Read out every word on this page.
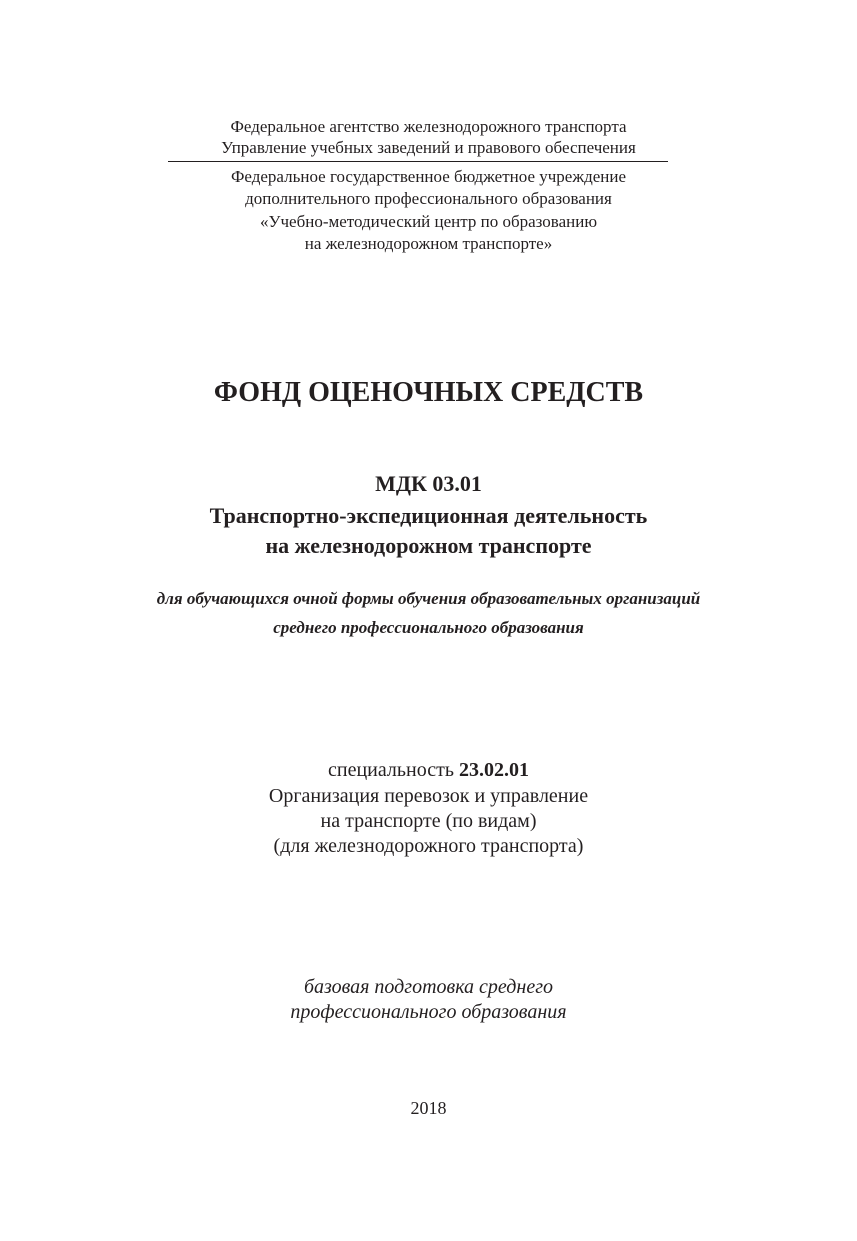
Федеральное агентство железнодорожного транспорта
Управление учебных заведений и правового обеспечения
Федеральное государственное бюджетное учреждение
дополнительного профессионального образования
«Учебно-методический центр по образованию
на железнодорожном транспорте»
ФОНД ОЦЕНОЧНЫХ СРЕДСТВ
МДК 03.01
Транспортно-экспедиционная деятельность
на железнодорожном транспорте
для обучающихся очной формы обучения образовательных организаций
среднего профессионального образования
специальность 23.02.01
Организация перевозок и управление
на транспорте (по видам)
(для железнодорожного транспорта)
базовая подготовка среднего
профессионального образования
2018
